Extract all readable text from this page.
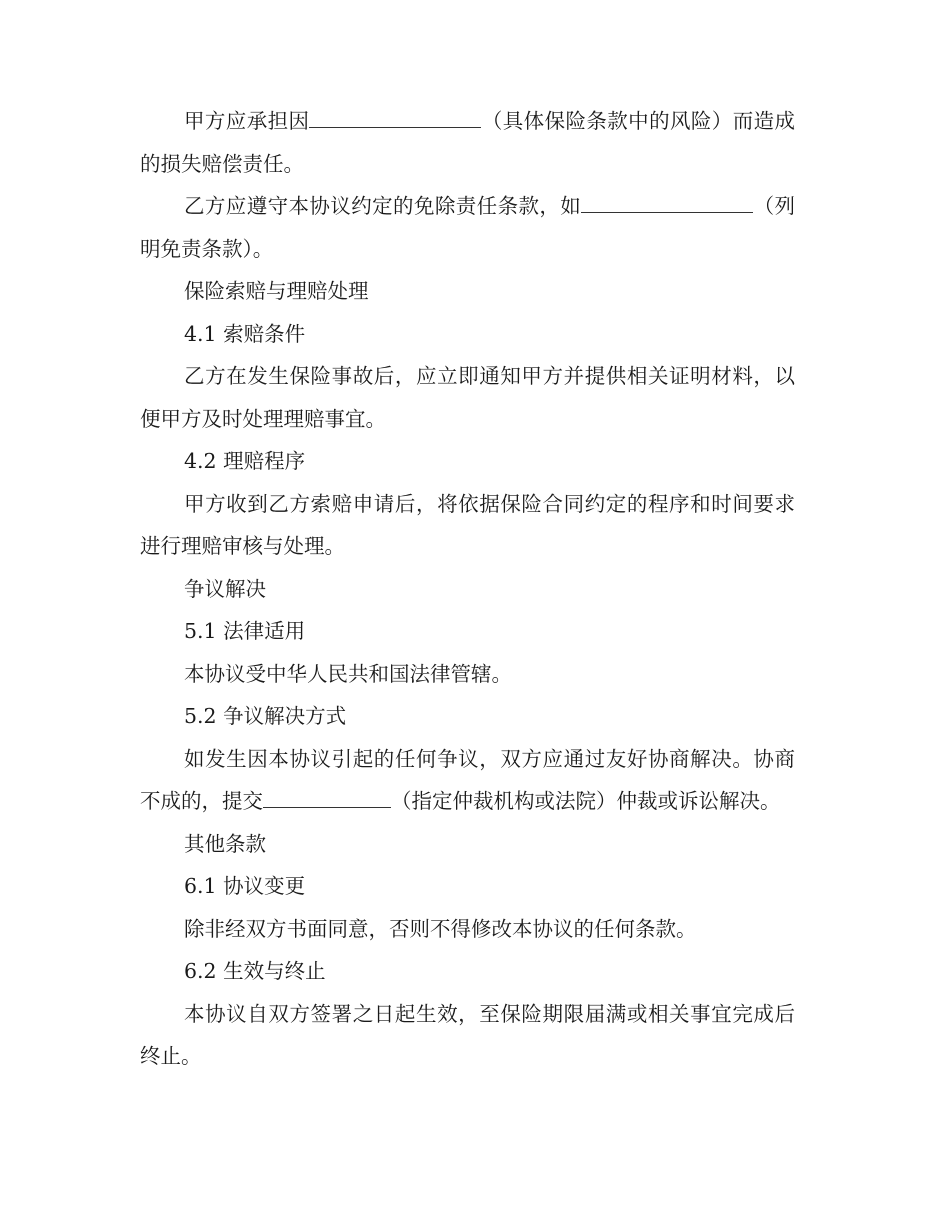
甲方应承担因	（具体保险条款中的风险）而造成的损失赔偿责任。

乙方应遵守本协议约定的免除责任条款，如	（列明免责条款）。

保险索赔与理赔处理

4.1 索赔条件

乙方在发生保险事故后，应立即通知甲方并提供相关证明材料，以便甲方及时处理理赔事宜。

4.2 理赔程序

甲方收到乙方索赔申请后，将依据保险合同约定的程序和时间要求进行理赔审核与处理。

争议解决

5.1 法律适用

本协议受中华人民共和国法律管辖。

5.2 争议解决方式

如发生因本协议引起的任何争议，双方应通过友好协商解决。协商不成的，提交	（指定仲裁机构或法院）仲裁或诉讼解决。

其他条款

6.1 协议变更

除非经双方书面同意，否则不得修改本协议的任何条款。

6.2 生效与终止

本协议自双方签署之日起生效，至保险期限届满或相关事宜完成后终止。
